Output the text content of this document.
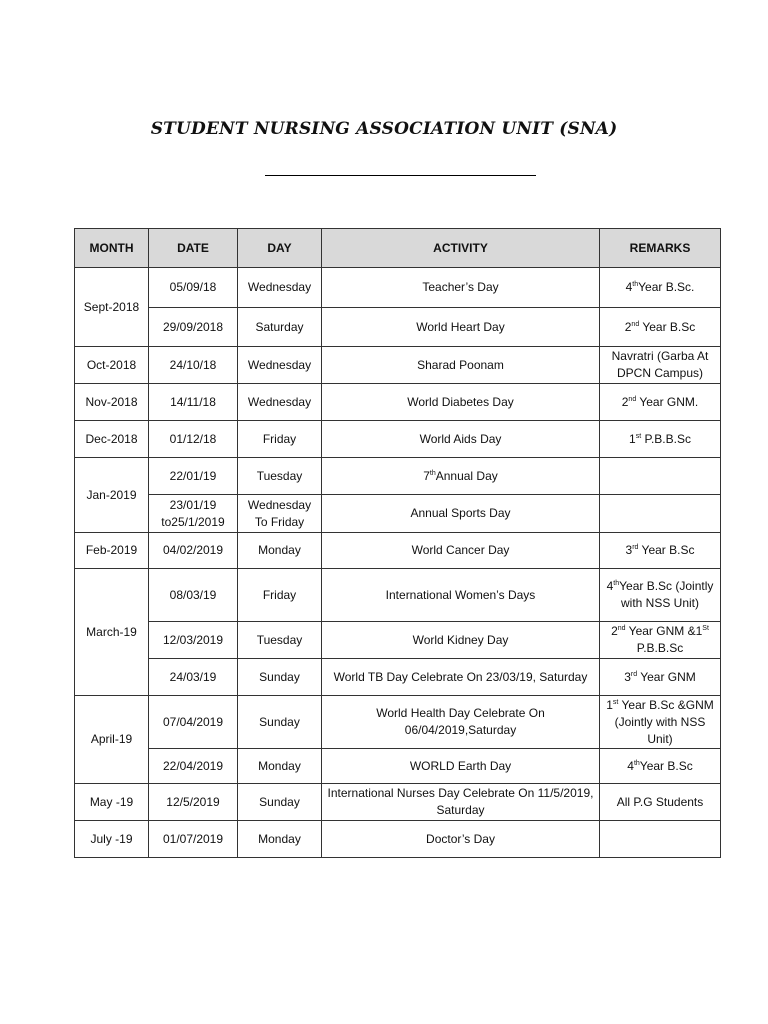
STUDENT NURSING ASSOCIATION UNIT (SNA)
MONTH	DATE	DAY	ACTIVITY	REMARKS
Sept-2018	05/09/18	Wednesday	Teacher’s Day	4thYear B.Sc.
	29/09/2018	Saturday	World Heart Day	2nd Year B.Sc
Oct-2018	24/10/18	Wednesday	Sharad Poonam	Navratri (Garba At DPCN Campus)
Nov-2018	14/11/18	Wednesday	World Diabetes Day	2nd Year GNM.
Dec-2018	01/12/18	Friday	World Aids Day	1st P.B.B.Sc
Jan-2019	22/01/19	Tuesday	7thAnnual Day	
	23/01/19 to25/1/2019	Wednesday To Friday	Annual Sports Day	
Feb-2019	04/02/2019	Monday	World Cancer Day	3rd Year B.Sc
March-19	08/03/19	Friday	International Women’s Days	4thYear B.Sc (Jointly with NSS Unit)
	12/03/2019	Tuesday	World Kidney Day	2nd Year GNM &1St P.B.B.Sc
	24/03/19	Sunday	World TB Day Celebrate On 23/03/19, Saturday	3rd Year GNM
April-19	07/04/2019	Sunday	World Health Day Celebrate On 06/04/2019,Saturday	1st Year B.Sc &GNM (Jointly with NSS Unit)
	22/04/2019	Monday	WORLD Earth Day	4thYear B.Sc
May -19	12/5/2019	Sunday	International Nurses Day Celebrate On 11/5/2019, Saturday	All P.G Students
July -19	01/07/2019	Monday	Doctor’s Day	
